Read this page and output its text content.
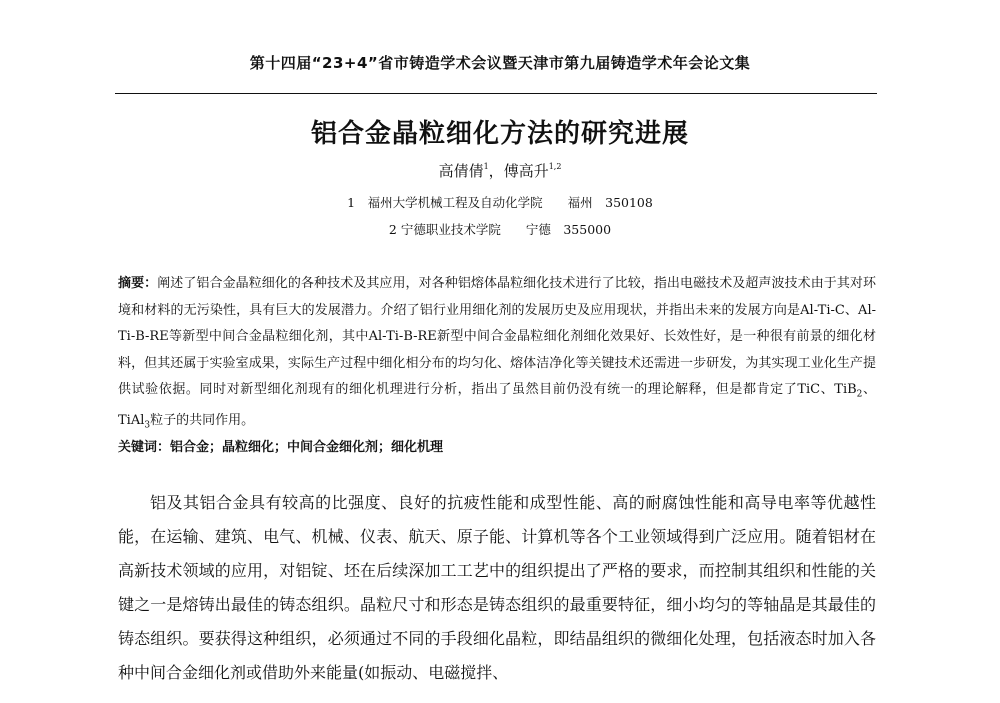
第十四届“23+4”省市铸造学术会议暨天津市第九届铸造学术年会论文集
铝合金晶粒细化方法的研究进展
高倩倩$^1$，傅高升$^{1,2}$
1　福州大学机械工程及自动化学院　　福州　350108
2 宁德职业技术学院　　宁德　355000
摘要：阐述了铝合金晶粒细化的各种技术及其应用，对各种铝熔体晶粒细化技术进行了比较，指出电磁技术及超声波技术由于其对环境和材料的无污染性，具有巨大的发展潜力。介绍了铝行业用细化剂的发展历史及应用现状，并指出未来的发展方向是Al-Ti-C、Al-Ti-B-RE等新型中间合金晶粒细化剂，其中Al-Ti-B-RE新型中间合金晶粒细化剂细化效果好、长效性好，是一种很有前景的细化材料，但其还属于实验室成果，实际生产过程中细化相分布的均匀化、熔体洁净化等关键技术还需进一步研发，为其实现工业化生产提供试验依据。同时对新型细化剂现有的细化机理进行分析，指出了虽然目前仍没有统一的理论解释，但是都肯定了TiC、TiB$_2$、TiAl$_3$粒子的共同作用。
关键词：铝合金；晶粒细化；中间合金细化剂；细化机理
铝及其铝合金具有较高的比强度、良好的抗疲性能和成型性能、高的耐腐蚀性能和高导电率等优越性能，在运输、建筑、电气、机械、仪表、航天、原子能、计算机等各个工业领域得到广泛应用。随着铝材在高新技术领域的应用，对铝锭、坯在后续深加工工艺中的组织提出了严格的要求，而控制其组织和性能的关键之一是熔铸出最佳的铸态组织。晶粒尺寸和形态是铸态组织的最重要特征，细小均匀的等轴晶是其最佳的铸态组织。要获得这种组织，必须通过不同的手段细化晶粒，即结晶组织的微细化处理，包括液态时加入各种中间合金细化剂或借助外来能量(如振动、电磁搅拌、
